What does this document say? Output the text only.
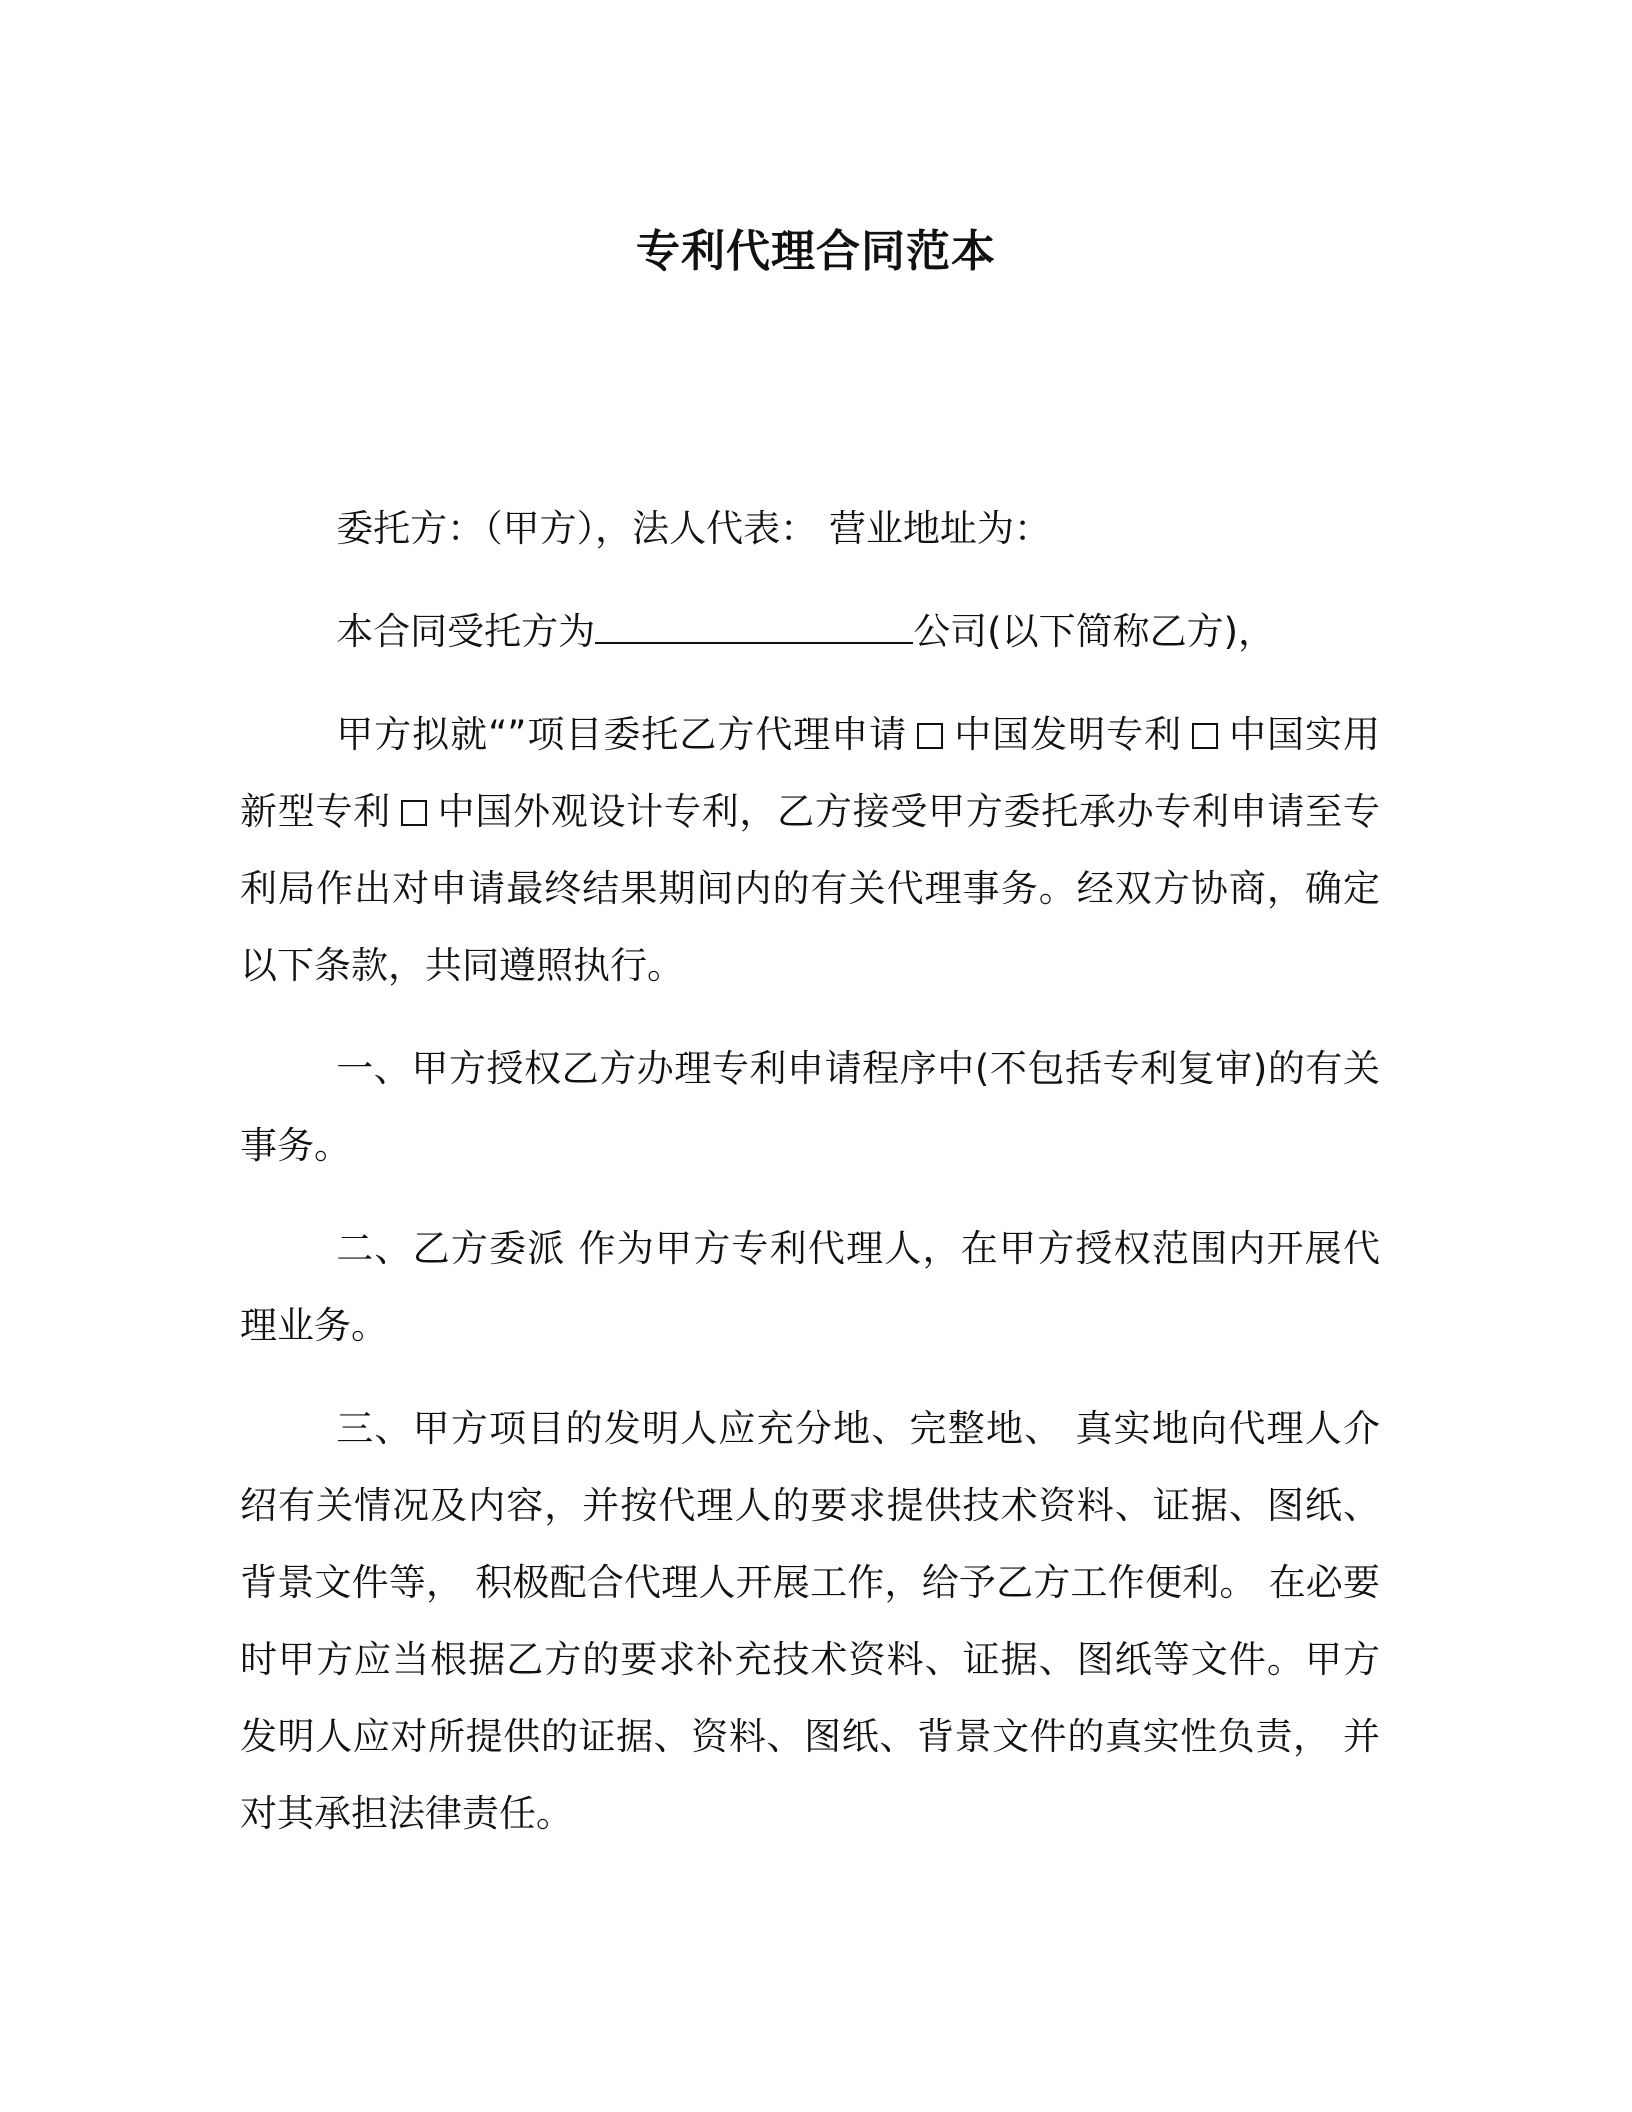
专利代理合同范本

委托方：（甲方），法人代表： 营业地址为：

本合同受托方为	公司(以下简称乙方)，

甲方拟就“”项目委托乙方代理申请 中国发明专利 中国实用新型专利 中国外观设计专利，乙方接受甲方委托承办专利申请至专利局作出对申请最终结果期间内的有关代理事务。经双方协商，确定以下条款，共同遵照执行。

一、甲方授权乙方办理专利申请程序中(不包括专利复审)的有关事务。

二、乙方委派 作为甲方专利代理人，在甲方授权范围内开展代理业务。

三、甲方项目的发明人应充分地、完整地、 真实地向代理人介绍有关情况及内容，并按代理人的要求提供技术资料、证据、图纸、背景文件等， 积极配合代理人开展工作，给予乙方工作便利。 在必要时甲方应当根据乙方的要求补充技术资料、证据、图纸等文件。甲方发明人应对所提供的证据、资料、图纸、背景文件的真实性负责， 并对其承担法律责任。
